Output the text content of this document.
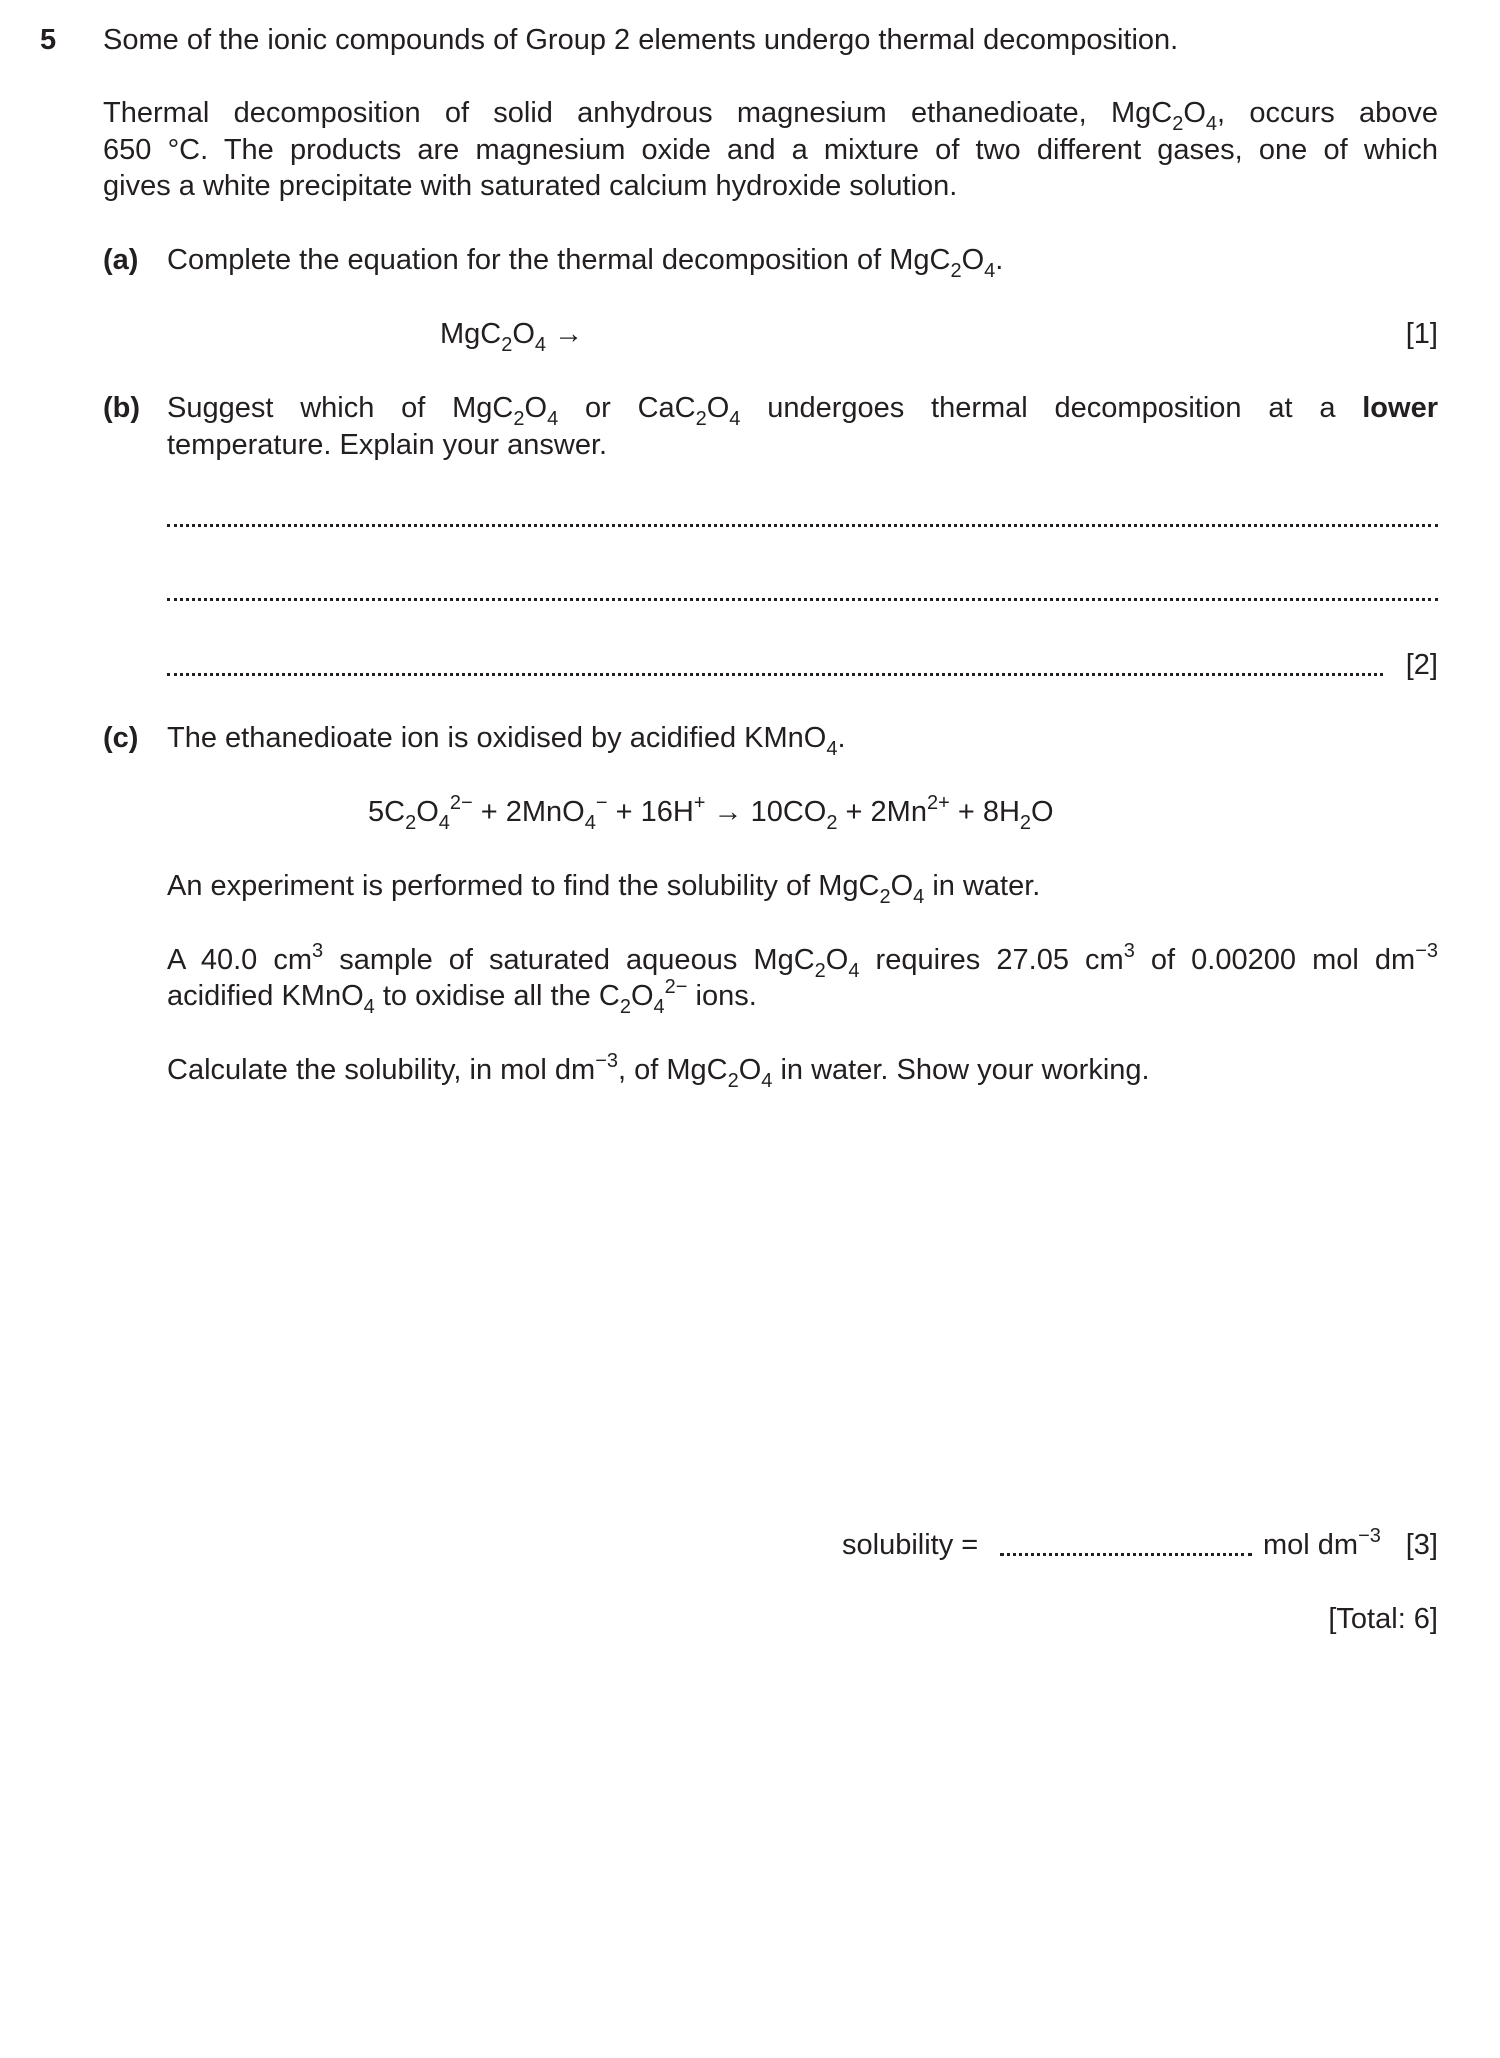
5 Some of the ionic compounds of Group 2 elements undergo thermal decomposition.
Thermal decomposition of solid anhydrous magnesium ethanedioate, $MgC_2O_4$, occurs above
650 °C. The products are magnesium oxide and a mixture of two different gases, one of which
gives a white precipitate with saturated calcium hydroxide solution.
(a) Complete the equation for the thermal decomposition of $MgC_2O_4$.
$MgC_2O_4$ →	[1]
(b) Suggest which of $MgC_2O_4$ or $CaC_2O_4$ undergoes thermal decomposition at a lower
temperature. Explain your answer.
[2]
(c) The ethanedioate ion is oxidised by acidified KMnO$_4$.
$5C_2O_4^{2-} + 2MnO_4^- + 16H^+ \to 10CO_2 + 2Mn^{2+} + 8H_2O$
An experiment is performed to find the solubility of $MgC_2O_4$ in water.
A 40.0 $cm^3$ sample of saturated aqueous $MgC_2O_4$ requires 27.05 $cm^3$ of 0.00200 mol $dm^{-3}$
acidified KMnO$_4$ to oxidise all the $C_2O_4^{2-}$ ions.
Calculate the solubility, in mol $dm^{-3}$, of $MgC_2O_4$ in water. Show your working.
solubility =	mol $dm^{-3}$ [3]
[Total: 6]
